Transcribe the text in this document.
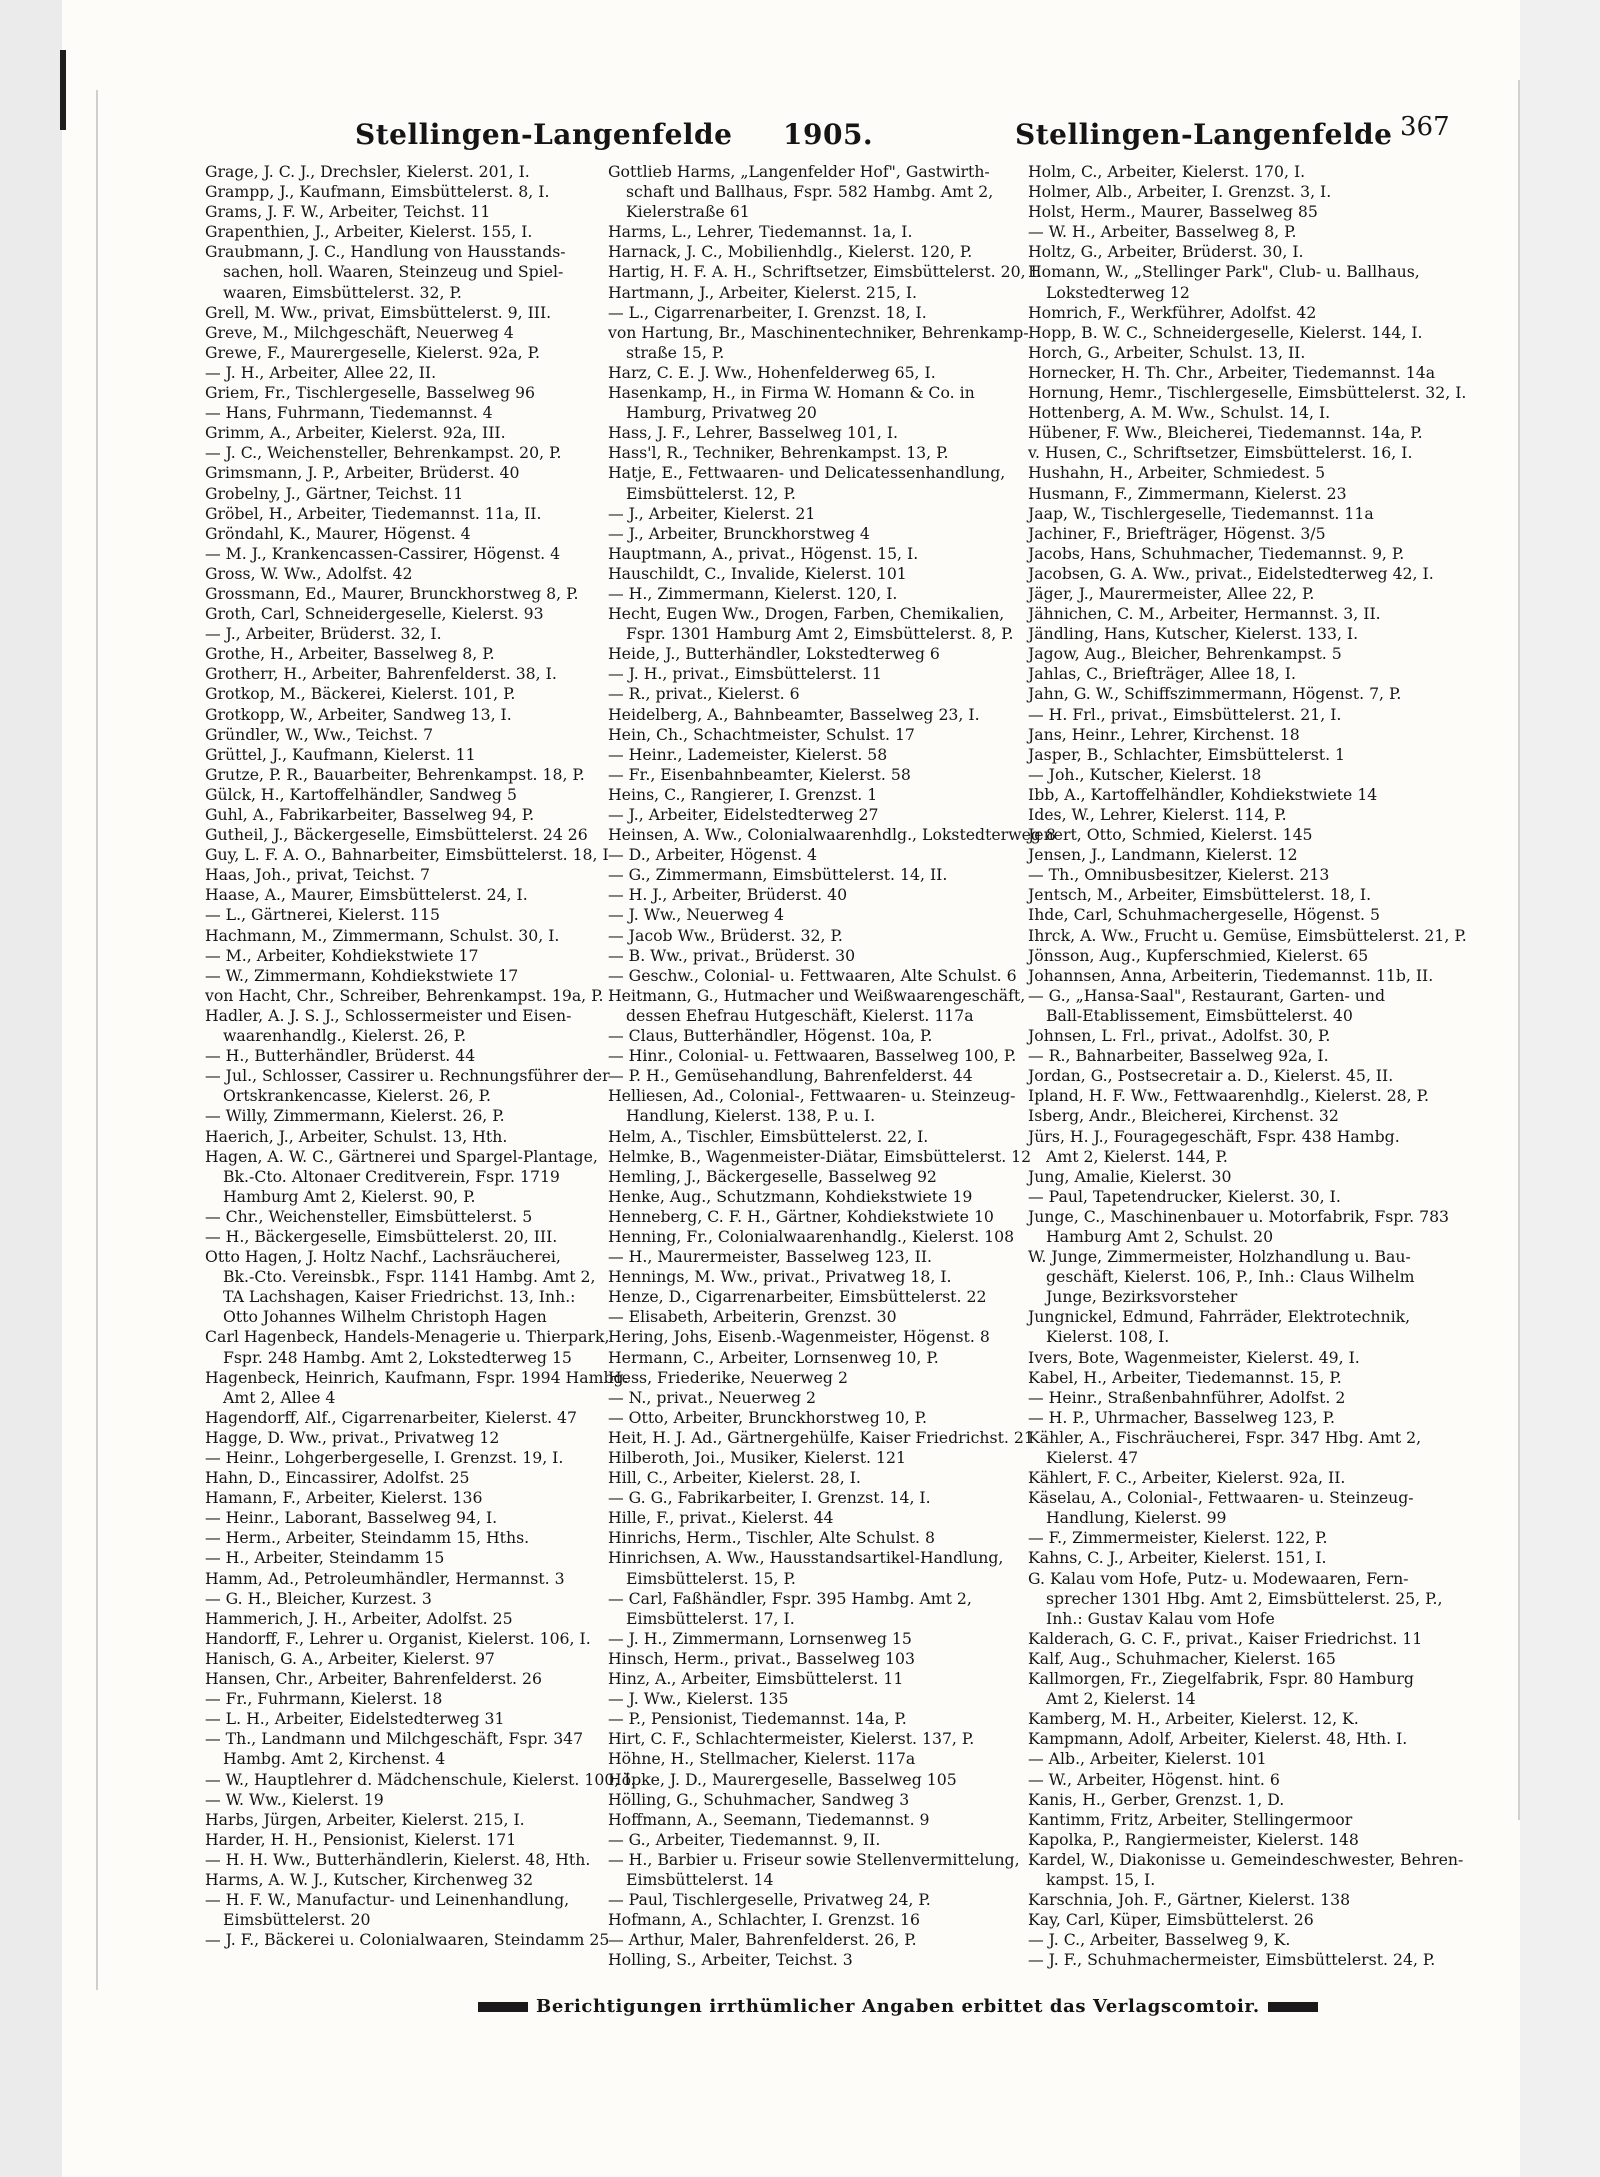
Stellingen-Langenfelde 1905.	Stellingen-Langenfelde 367
Grage, J. C. J., Drechsler, Kielerst. 201, I.
Grampp, J., Kaufmann, Eimsbüttelerst. 8, I.
Grams, J. F. W., Arbeiter, Teichst. 11
Grapenthien, J., Arbeiter, Kielerst. 155, I.
Graubmann, J. C., Handlung von Hausstands-
sachen, holl. Waaren, Steinzeug und Spiel-
waaren, Eimsbüttelerst. 32, P.
Grell, M. Ww., privat, Eimsbüttelerst. 9, III.
Greve, M., Milchgeschäft, Neuerweg 4
Grewe, F., Maurergeselle, Kielerst. 92a, P.
— J. H., Arbeiter, Allee 22, II.
Griem, Fr., Tischlergeselle, Basselweg 96
— Hans, Fuhrmann, Tiedemannst. 4
Grimm, A., Arbeiter, Kielerst. 92a, III.
— J. C., Weichensteller, Behrenkampst. 20, P.
Grimsmann, J. P., Arbeiter, Brüderst. 40
Grobelny, J., Gärtner, Teichst. 11
Gröbel, H., Arbeiter, Tiedemannst. 11a, II.
Gröndahl, K., Maurer, Högenst. 4
— M. J., Krankencassen-Cassirer, Högenst. 4
Gross, W. Ww., Adolfst. 42
Grossmann, Ed., Maurer, Brunckhorstweg 8, P.
Groth, Carl, Schneidergeselle, Kielerst. 93
— J., Arbeiter, Brüderst. 32, I.
Grothe, H., Arbeiter, Basselweg 8, P.
Grotherr, H., Arbeiter, Bahrenfelderst. 38, I.
Grotkop, M., Bäckerei, Kielerst. 101, P.
Grotkopp, W., Arbeiter, Sandweg 13, I.
Gründler, W., Ww., Teichst. 7
Grüttel, J., Kaufmann, Kielerst. 11
Grutze, P. R., Bauarbeiter, Behrenkampst. 18, P.
Gülck, H., Kartoffelhändler, Sandweg 5
Guhl, A., Fabrikarbeiter, Basselweg 94, P.
Gutheil, J., Bäckergeselle, Eimsbüttelerst. 24 26
Guy, L. F. A. O., Bahnarbeiter, Eimsbüttelerst. 18, I
Haas, Joh., privat, Teichst. 7
Haase, A., Maurer, Eimsbüttelerst. 24, I.
— L., Gärtnerei, Kielerst. 115
Hachmann, M., Zimmermann, Schulst. 30, I.
— M., Arbeiter, Kohdiekstwiete 17
— W., Zimmermann, Kohdiekstwiete 17
von Hacht, Chr., Schreiber, Behrenkampst. 19a, P.
Hadler, A. J. S. J., Schlossermeister und Eisen-
waarenhandlg., Kielerst. 26, P.
— H., Butterhändler, Brüderst. 44
— Jul., Schlosser, Cassirer u. Rechnungsführer der
Ortskrankencasse, Kielerst. 26, P.
— Willy, Zimmermann, Kielerst. 26, P.
Haerich, J., Arbeiter, Schulst. 13, Hth.
Hagen, A. W. C., Gärtnerei und Spargel-Plantage,
Bk.-Cto. Altonaer Creditverein, Fspr. 1719
Hamburg Amt 2, Kielerst. 90, P.
— Chr., Weichensteller, Eimsbüttelerst. 5
— H., Bäckergeselle, Eimsbüttelerst. 20, III.
Otto Hagen, J. Holtz Nachf., Lachsräucherei,
Bk.-Cto. Vereinsbk., Fspr. 1141 Hambg. Amt 2,
TA Lachshagen, Kaiser Friedrichst. 13, Inh.:
Otto Johannes Wilhelm Christoph Hagen
Carl Hagenbeck, Handels-Menagerie u. Thierpark,
Fspr. 248 Hambg. Amt 2, Lokstedterweg 15
Hagenbeck, Heinrich, Kaufmann, Fspr. 1994 Hambg.
Amt 2, Allee 4
Hagendorff, Alf., Cigarrenarbeiter, Kielerst. 47
Hagge, D. Ww., privat., Privatweg 12
— Heinr., Lohgerbergeselle, I. Grenzst. 19, I.
Hahn, D., Eincassirer, Adolfst. 25
Hamann, F., Arbeiter, Kielerst. 136
— Heinr., Laborant, Basselweg 94, I.
— Herm., Arbeiter, Steindamm 15, Hths.
— H., Arbeiter, Steindamm 15
Hamm, Ad., Petroleumhändler, Hermannst. 3
— G. H., Bleicher, Kurzest. 3
Hammerich, J. H., Arbeiter, Adolfst. 25
Handorff, F., Lehrer u. Organist, Kielerst. 106, I.
Hanisch, G. A., Arbeiter, Kielerst. 97
Hansen, Chr., Arbeiter, Bahrenfelderst. 26
— Fr., Fuhrmann, Kielerst. 18
— L. H., Arbeiter, Eidelstedterweg 31
— Th., Landmann und Milchgeschäft, Fspr. 347
Hambg. Amt 2, Kirchenst. 4
— W., Hauptlehrer d. Mädchenschule, Kielerst. 100, I.
— W. Ww., Kielerst. 19
Harbs, Jürgen, Arbeiter, Kielerst. 215, I.
Harder, H. H., Pensionist, Kielerst. 171
— H. H. Ww., Butterhändlerin, Kielerst. 48, Hth.
Harms, A. W. J., Kutscher, Kirchenweg 32
— H. F. W., Manufactur- und Leinenhandlung,
Eimsbüttelerst. 20
— J. F., Bäckerei u. Colonialwaaren, Steindamm 25
Gottlieb Harms, „Langenfelder Hof", Gastwirth-
schaft und Ballhaus, Fspr. 582 Hambg. Amt 2,
Kielerstraße 61
Harms, L., Lehrer, Tiedemannst. 1a, I.
Harnack, J. C., Mobilienhdlg., Kielerst. 120, P.
Hartig, H. F. A. H., Schriftsetzer, Eimsbüttelerst. 20, I.
Hartmann, J., Arbeiter, Kielerst. 215, I.
— L., Cigarrenarbeiter, I. Grenzst. 18, I.
von Hartung, Br., Maschinentechniker, Behrenkamp-
straße 15, P.
Harz, C. E. J. Ww., Hohenfelderweg 65, I.
Hasenkamp, H., in Firma W. Homann & Co. in
Hamburg, Privatweg 20
Hass, J. F., Lehrer, Basselweg 101, I.
Hass'l, R., Techniker, Behrenkampst. 13, P.
Hatje, E., Fettwaaren- und Delicatessenhandlung,
Eimsbüttelerst. 12, P.
— J., Arbeiter, Kielerst. 21
— J., Arbeiter, Brunckhorstweg 4
Hauptmann, A., privat., Högenst. 15, I.
Hauschildt, C., Invalide, Kielerst. 101
— H., Zimmermann, Kielerst. 120, I.
Hecht, Eugen Ww., Drogen, Farben, Chemikalien,
Fspr. 1301 Hamburg Amt 2, Eimsbüttelerst. 8, P.
Heide, J., Butterhändler, Lokstedterweg 6
— J. H., privat., Eimsbüttelerst. 11
— R., privat., Kielerst. 6
Heidelberg, A., Bahnbeamter, Basselweg 23, I.
Hein, Ch., Schachtmeister, Schulst. 17
— Heinr., Lademeister, Kielerst. 58
— Fr., Eisenbahnbeamter, Kielerst. 58
Heins, C., Rangierer, I. Grenzst. 1
— J., Arbeiter, Eidelstedterweg 27
Heinsen, A. Ww., Colonialwaarenhdlg., Lokstedterweg 8
— D., Arbeiter, Högenst. 4
— G., Zimmermann, Eimsbüttelerst. 14, II.
— H. J., Arbeiter, Brüderst. 40
— J. Ww., Neuerweg 4
— Jacob Ww., Brüderst. 32, P.
— B. Ww., privat., Brüderst. 30
— Geschw., Colonial- u. Fettwaaren, Alte Schulst. 6
Heitmann, G., Hutmacher und Weißwaarengeschäft,
dessen Ehefrau Hutgeschäft, Kielerst. 117a
— Claus, Butterhändler, Högenst. 10a, P.
— Hinr., Colonial- u. Fettwaaren, Basselweg 100, P.
— P. H., Gemüsehandlung, Bahrenfelderst. 44
Helliesen, Ad., Colonial-, Fettwaaren- u. Steinzeug-
Handlung, Kielerst. 138, P. u. I.
Helm, A., Tischler, Eimsbüttelerst. 22, I.
Helmke, B., Wagenmeister-Diätar, Eimsbüttelerst. 12
Hemling, J., Bäckergeselle, Basselweg 92
Henke, Aug., Schutzmann, Kohdiekstwiete 19
Henneberg, C. F. H., Gärtner, Kohdiekstwiete 10
Henning, Fr., Colonialwaarenhandlg., Kielerst. 108
— H., Maurermeister, Basselweg 123, II.
Hennings, M. Ww., privat., Privatweg 18, I.
Henze, D., Cigarrenarbeiter, Eimsbüttelerst. 22
— Elisabeth, Arbeiterin, Grenzst. 30
Hering, Johs, Eisenb.-Wagenmeister, Högenst. 8
Hermann, C., Arbeiter, Lornsenweg 10, P.
Hess, Friederike, Neuerweg 2
— N., privat., Neuerweg 2
— Otto, Arbeiter, Brunckhorstweg 10, P.
Heit, H. J. Ad., Gärtnergehülfe, Kaiser Friedrichst. 21
Hilberoth, Joi., Musiker, Kielerst. 121
Hill, C., Arbeiter, Kielerst. 28, I.
— G. G., Fabrikarbeiter, I. Grenzst. 14, I.
Hille, F., privat., Kielerst. 44
Hinrichs, Herm., Tischler, Alte Schulst. 8
Hinrichsen, A. Ww., Hausstandsartikel-Handlung,
Eimsbüttelerst. 15, P.
— Carl, Faßhändler, Fspr. 395 Hambg. Amt 2,
Eimsbüttelerst. 17, I.
— J. H., Zimmermann, Lornsenweg 15
Hinsch, Herm., privat., Basselweg 103
Hinz, A., Arbeiter, Eimsbüttelerst. 11
— J. Ww., Kielerst. 135
— P., Pensionist, Tiedemannst. 14a, P.
Hirt, C. F., Schlachtermeister, Kielerst. 137, P.
Höhne, H., Stellmacher, Kielerst. 117a
Höpke, J. D., Maurergeselle, Basselweg 105
Hölling, G., Schuhmacher, Sandweg 3
Hoffmann, A., Seemann, Tiedemannst. 9
— G., Arbeiter, Tiedemannst. 9, II.
— H., Barbier u. Friseur sowie Stellenvermittelung,
Eimsbüttelerst. 14
— Paul, Tischlergeselle, Privatweg 24, P.
Hofmann, A., Schlachter, I. Grenzst. 16
— Arthur, Maler, Bahrenfelderst. 26, P.
Holling, S., Arbeiter, Teichst. 3
Holm, C., Arbeiter, Kielerst. 170, I.
Holmer, Alb., Arbeiter, I. Grenzst. 3, I.
Holst, Herm., Maurer, Basselweg 85
— W. H., Arbeiter, Basselweg 8, P.
Holtz, G., Arbeiter, Brüderst. 30, I.
Homann, W., „Stellinger Park", Club- u. Ballhaus,
Lokstedterweg 12
Homrich, F., Werkführer, Adolfst. 42
Hopp, B. W. C., Schneidergeselle, Kielerst. 144, I.
Horch, G., Arbeiter, Schulst. 13, II.
Hornecker, H. Th. Chr., Arbeiter, Tiedemannst. 14a
Hornung, Hemr., Tischlergeselle, Eimsbüttelerst. 32, I.
Hottenberg, A. M. Ww., Schulst. 14, I.
Hübener, F. Ww., Bleicherei, Tiedemannst. 14a, P.
v. Husen, C., Schriftsetzer, Eimsbüttelerst. 16, I.
Hushahn, H., Arbeiter, Schmiedest. 5
Husmann, F., Zimmermann, Kielerst. 23
Jaap, W., Tischlergeselle, Tiedemannst. 11a
Jachiner, F., Briefträger, Högenst. 3/5
Jacobs, Hans, Schuhmacher, Tiedemannst. 9, P.
Jacobsen, G. A. Ww., privat., Eidelstedterweg 42, I.
Jäger, J., Maurermeister, Allee 22, P.
Jähnichen, C. M., Arbeiter, Hermannst. 3, II.
Jändling, Hans, Kutscher, Kielerst. 133, I.
Jagow, Aug., Bleicher, Behrenkampst. 5
Jahlas, C., Briefträger, Allee 18, I.
Jahn, G. W., Schiffszimmermann, Högenst. 7, P.
— H. Frl., privat., Eimsbüttelerst. 21, I.
Jans, Heinr., Lehrer, Kirchenst. 18
Jasper, B., Schlachter, Eimsbüttelerst. 1
— Joh., Kutscher, Kielerst. 18
Ibb, A., Kartoffelhändler, Kohdiekstwiete 14
Ides, W., Lehrer, Kielerst. 114, P.
Jenert, Otto, Schmied, Kielerst. 145
Jensen, J., Landmann, Kielerst. 12
— Th., Omnibusbesitzer, Kielerst. 213
Jentsch, M., Arbeiter, Eimsbüttelerst. 18, I.
Ihde, Carl, Schuhmachergeselle, Högenst. 5
Ihrck, A. Ww., Frucht u. Gemüse, Eimsbüttelerst. 21, P.
Jönsson, Aug., Kupferschmied, Kielerst. 65
Johannsen, Anna, Arbeiterin, Tiedemannst. 11b, II.
— G., „Hansa-Saal", Restaurant, Garten- und
Ball-Etablissement, Eimsbüttelerst. 40
Johnsen, L. Frl., privat., Adolfst. 30, P.
— R., Bahnarbeiter, Basselweg 92a, I.
Jordan, G., Postsecretair a. D., Kielerst. 45, II.
Ipland, H. F. Ww., Fettwaarenhdlg., Kielerst. 28, P.
Isberg, Andr., Bleicherei, Kirchenst. 32
Jürs, H. J., Fouragegeschäft, Fspr. 438 Hambg.
Amt 2, Kielerst. 144, P.
Jung, Amalie, Kielerst. 30
— Paul, Tapetendrucker, Kielerst. 30, I.
Junge, C., Maschinenbauer u. Motorfabrik, Fspr. 783
Hamburg Amt 2, Schulst. 20
W. Junge, Zimmermeister, Holzhandlung u. Bau-
geschäft, Kielerst. 106, P., Inh.: Claus Wilhelm
Junge, Bezirksvorsteher
Jungnickel, Edmund, Fahrräder, Elektrotechnik,
Kielerst. 108, I.
Ivers, Bote, Wagenmeister, Kielerst. 49, I.
Kabel, H., Arbeiter, Tiedemannst. 15, P.
— Heinr., Straßenbahnführer, Adolfst. 2
— H. P., Uhrmacher, Basselweg 123, P.
Kähler, A., Fischräucherei, Fspr. 347 Hbg. Amt 2,
Kielerst. 47
Kählert, F. C., Arbeiter, Kielerst. 92a, II.
Käselau, A., Colonial-, Fettwaaren- u. Steinzeug-
Handlung, Kielerst. 99
— F., Zimmermeister, Kielerst. 122, P.
Kahns, C. J., Arbeiter, Kielerst. 151, I.
G. Kalau vom Hofe, Putz- u. Modewaaren, Fern-
sprecher 1301 Hbg. Amt 2, Eimsbüttelerst. 25, P.,
Inh.: Gustav Kalau vom Hofe
Kalderach, G. C. F., privat., Kaiser Friedrichst. 11
Kalf, Aug., Schuhmacher, Kielerst. 165
Kallmorgen, Fr., Ziegelfabrik, Fspr. 80 Hamburg
Amt 2, Kielerst. 14
Kamberg, M. H., Arbeiter, Kielerst. 12, K.
Kampmann, Adolf, Arbeiter, Kielerst. 48, Hth. I.
— Alb., Arbeiter, Kielerst. 101
— W., Arbeiter, Högenst. hint. 6
Kanis, H., Gerber, Grenzst. 1, D.
Kantimm, Fritz, Arbeiter, Stellingermoor
Kapolka, P., Rangiermeister, Kielerst. 148
Kardel, W., Diakonisse u. Gemeindeschwester, Behren-
kampst. 15, I.
Karschnia, Joh. F., Gärtner, Kielerst. 138
Kay, Carl, Küper, Eimsbüttelerst. 26
— J. C., Arbeiter, Basselweg 9, K.
— J. F., Schuhmachermeister, Eimsbüttelerst. 24, P.
Berichtigungen irrthümlicher Angaben erbittet das Verlagscomtoir.
